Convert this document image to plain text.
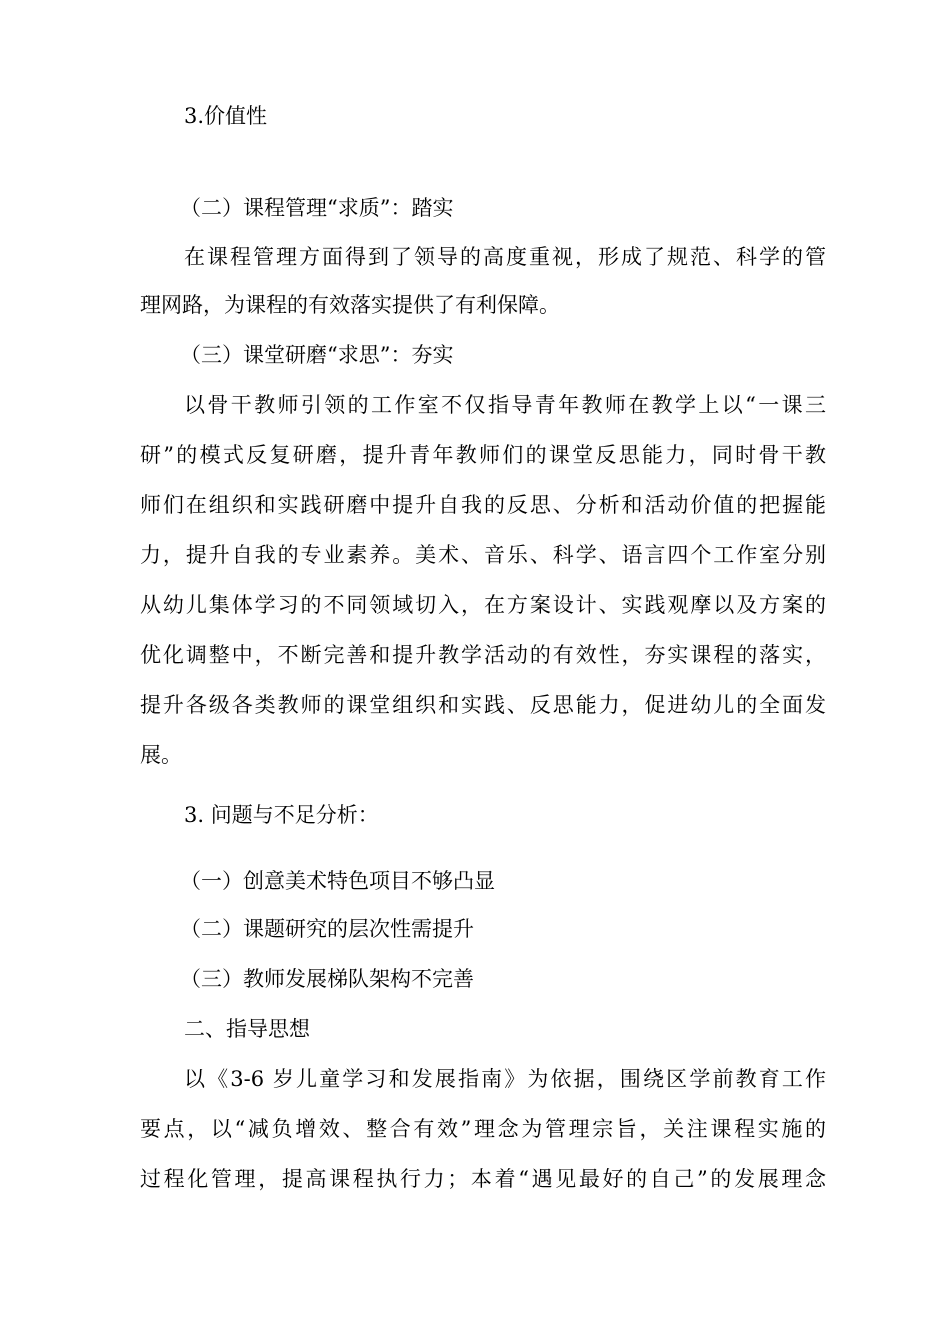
3.价值性
（二）课程管理“求质”：踏实
在课程管理方面得到了领导的高度重视，形成了规范、科学的管
理网路，为课程的有效落实提供了有利保障。
（三）课堂研磨“求思”：夯实
以骨干教师引领的工作室不仅指导青年教师在教学上以“一课三
研”的模式反复研磨，提升青年教师们的课堂反思能力，同时骨干教
师们在组织和实践研磨中提升自我的反思、分析和活动价值的把握能
力，提升自我的专业素养。美术、音乐、科学、语言四个工作室分别
从幼儿集体学习的不同领域切入，在方案设计、实践观摩以及方案的
优化调整中，不断完善和提升教学活动的有效性，夯实课程的落实，
提升各级各类教师的课堂组织和实践、反思能力，促进幼儿的全面发
展。
3. 问题与不足分析：
（一）创意美术特色项目不够凸显
（二）课题研究的层次性需提升
（三）教师发展梯队架构不完善
二、指导思想
以《3-6 岁儿童学习和发展指南》为依据，围绕区学前教育工作
要点，以“减负增效、整合有效”理念为管理宗旨，关注课程实施的
过程化管理，提高课程执行力；本着“遇见最好的自己”的发展理念
